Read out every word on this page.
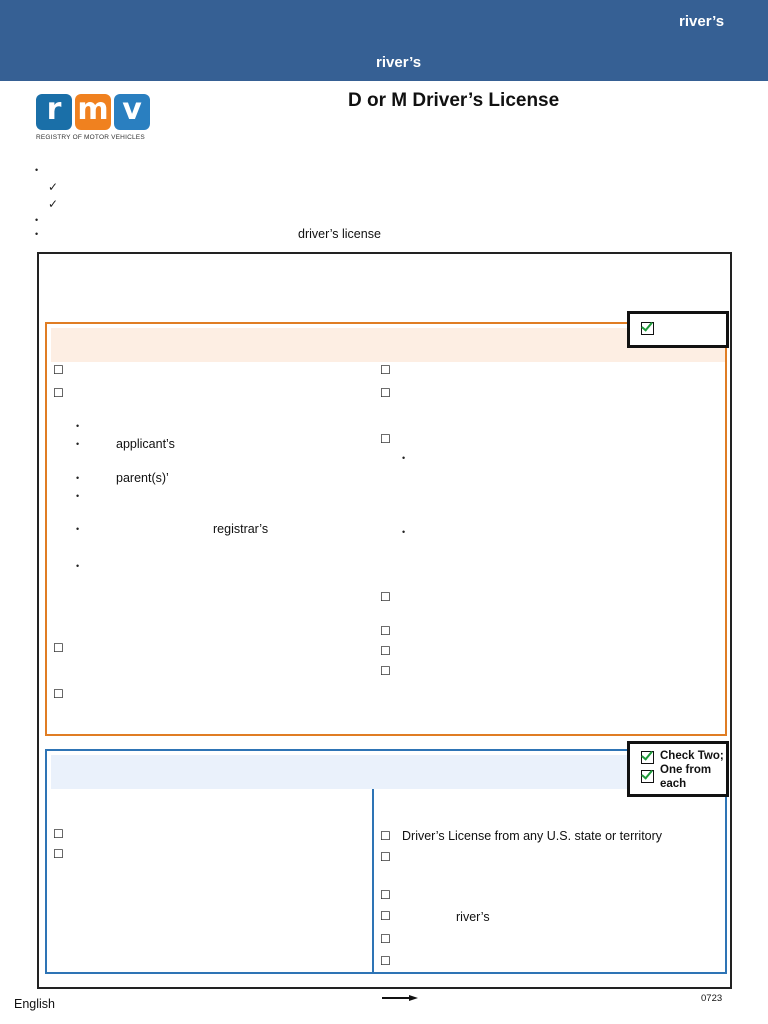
river’s
river’s
r m v
REGISTRY OF MOTOR VEHICLES
D or M Driver’s License
•
✓
✓
•
•	driver’s license
☐
☐
•
•	applicant’s
•	parent(s)’
•
•	registrar’s
•
☐
☐
☐
☐
☐
•
•
☐
☐
☐
☐
Check Two;
One from
each
☐
☐
☐ Driver’s License from any U.S. state or territory
☐
☐
☐	river’s
☐
☐
English	0723
